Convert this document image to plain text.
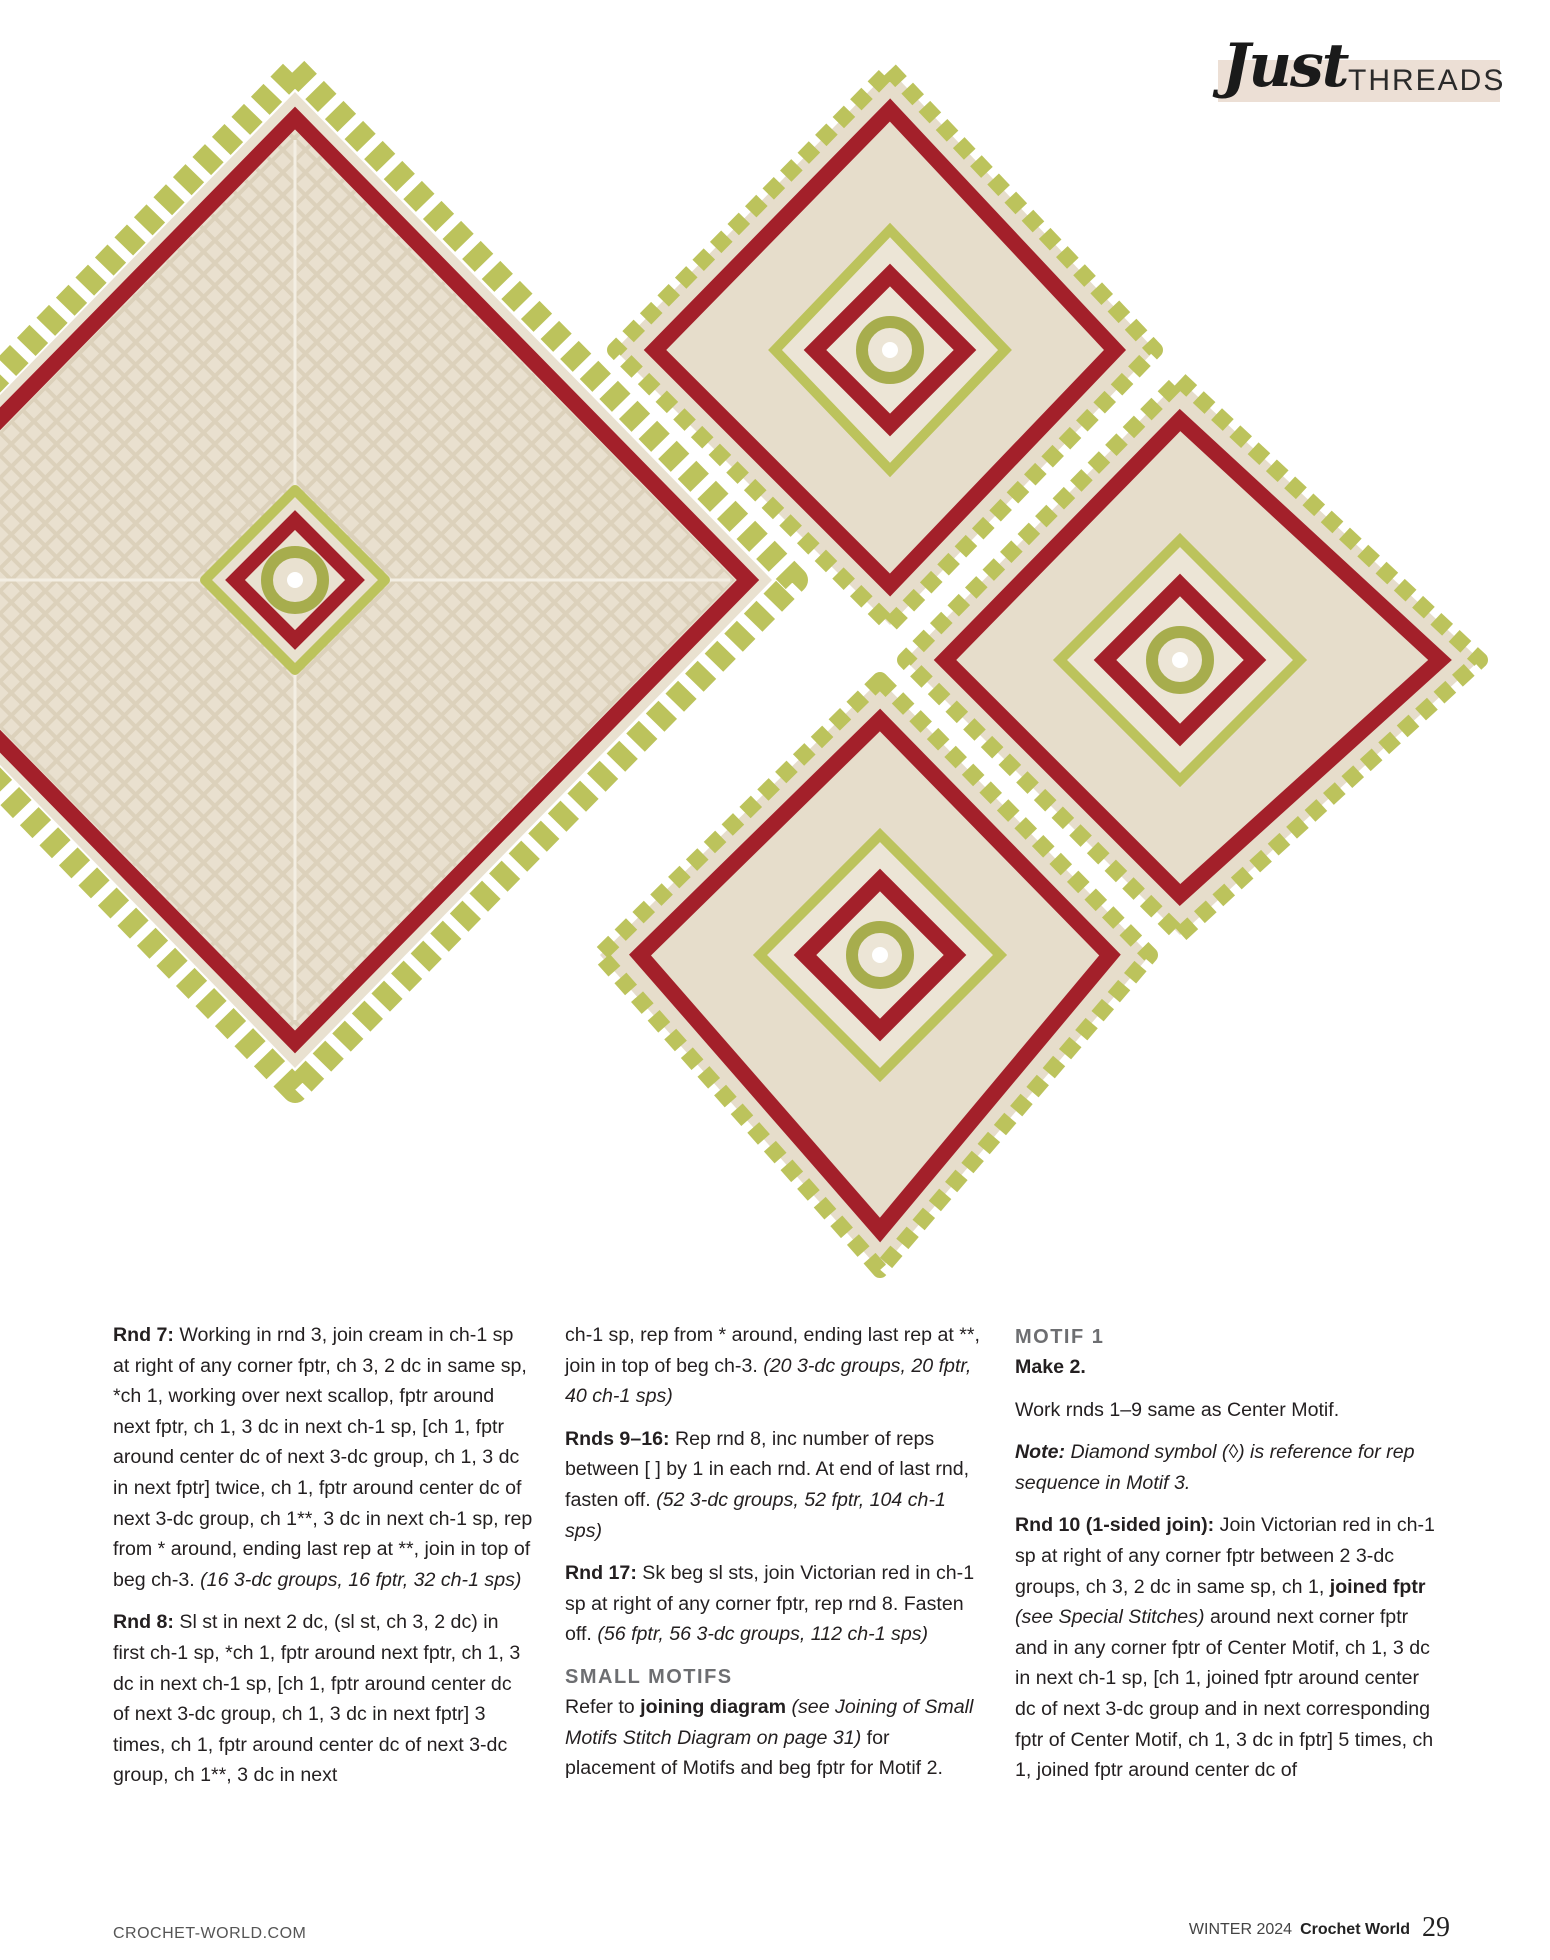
Just THREADS

Rnd 7: Working in rnd 3, join cream in ch-1 sp at right of any corner fptr, ch 3, 2 dc in same sp, *ch 1, working over next scallop, fptr around next fptr, ch 1, 3 dc in next ch-1 sp, [ch 1, fptr around center dc of next 3-dc group, ch 1, 3 dc in next fptr] twice, ch 1, fptr around center dc of next 3-dc group, ch 1**, 3 dc in next ch-1 sp, rep from * around, ending last rep at **, join in top of beg ch-3. (16 3-dc groups, 16 fptr, 32 ch-1 sps)

Rnd 8: Sl st in next 2 dc, (sl st, ch 3, 2 dc) in first ch-1 sp, *ch 1, fptr around next fptr, ch 1, 3 dc in next ch-1 sp, [ch 1, fptr around center dc of next 3-dc group, ch 1, 3 dc in next fptr] 3 times, ch 1, fptr around center dc of next 3-dc group, ch 1**, 3 dc in next

ch-1 sp, rep from * around, ending last rep at **, join in top of beg ch-3. (20 3-dc groups, 20 fptr, 40 ch-1 sps)

Rnds 9–16: Rep rnd 8, inc number of reps between [ ] by 1 in each rnd. At end of last rnd, fasten off. (52 3-dc groups, 52 fptr, 104 ch-1 sps)

Rnd 17: Sk beg sl sts, join Victorian red in ch-1 sp at right of any corner fptr, rep rnd 8. Fasten off. (56 fptr, 56 3-dc groups, 112 ch-1 sps)

SMALL MOTIFS

Refer to joining diagram (see Joining of Small Motifs Stitch Diagram on page 31) for placement of Motifs and beg fptr for Motif 2.

MOTIF 1

Make 2.

Work rnds 1–9 same as Center Motif.

Note: Diamond symbol (◊) is reference for rep sequence in Motif 3.

Rnd 10 (1-sided join): Join Victorian red in ch-1 sp at right of any corner fptr between 2 3-dc groups, ch 3, 2 dc in same sp, ch 1, joined fptr (see Special Stitches) around next corner fptr and in any corner fptr of Center Motif, ch 1, 3 dc in next ch-1 sp, [ch 1, joined fptr around center dc of next 3-dc group and in next corresponding fptr of Center Motif, ch 1, 3 dc in fptr] 5 times, ch 1, joined fptr around center dc of

CROCHET-WORLD.COM	WINTER 2024 Crochet World 29
